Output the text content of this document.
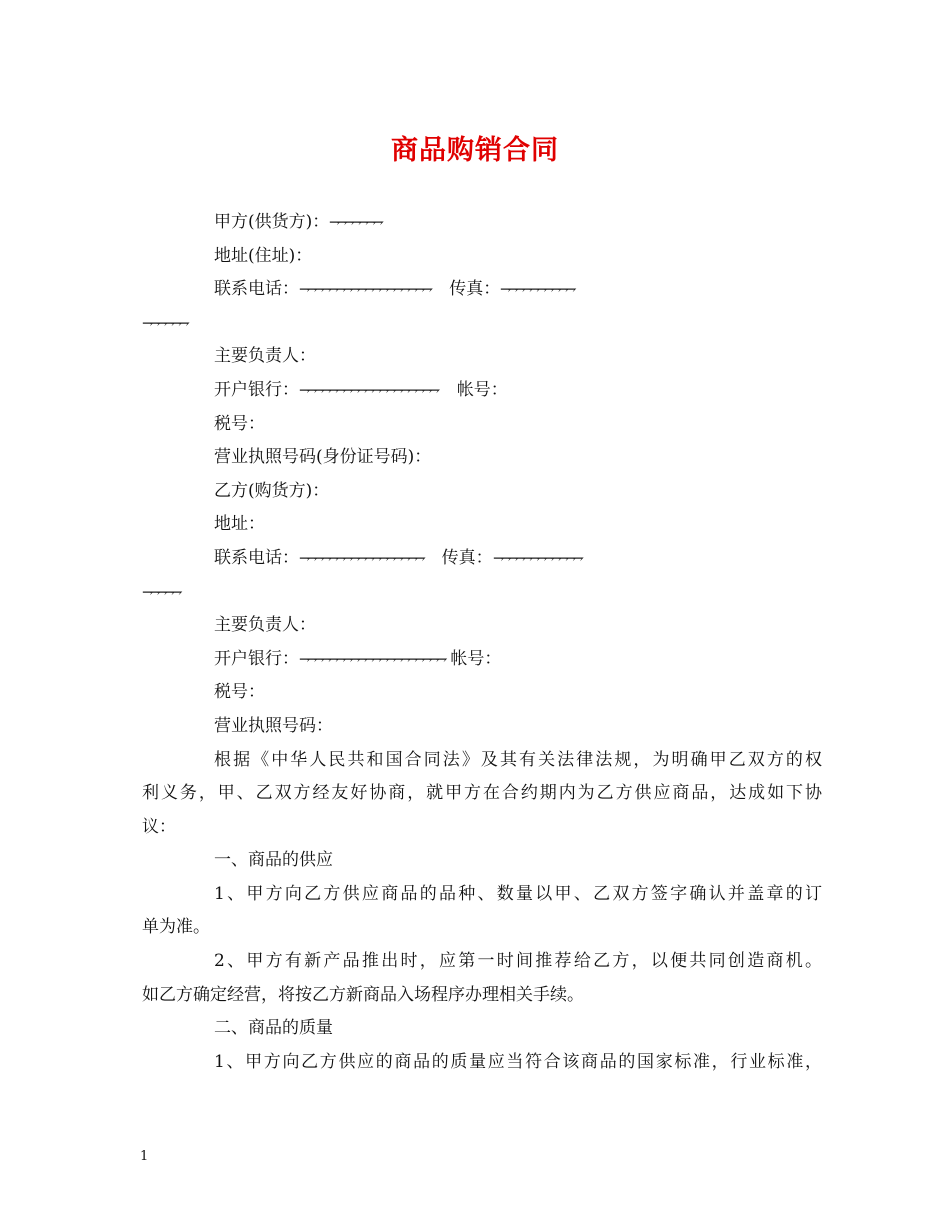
商品购销合同
甲方(供货方)：⇁⇁⇁⇁⇁⇁⇁
地址(住址)：
联系电话：⇁⇁⇁⇁⇁⇁⇁⇁⇁⇁⇁⇁⇁⇁⇁⇁⇁⇁ 传真：⇁⇁⇁⇁⇁⇁⇁⇁⇁⇁
⇁⇁⇁⇁⇁⇁
主要负责人：
开户银行：⇁⇁⇁⇁⇁⇁⇁⇁⇁⇁⇁⇁⇁⇁⇁⇁⇁⇁⇁ 帐号：
税号：
营业执照号码(身份证号码)：
乙方(购货方)：
地址：
联系电话：⇁⇁⇁⇁⇁⇁⇁⇁⇁⇁⇁⇁⇁⇁⇁⇁⇁ 传真：⇁⇁⇁⇁⇁⇁⇁⇁⇁⇁⇁⇁
⇁⇁⇁⇁⇁
主要负责人：
开户银行：⇁⇁⇁⇁⇁⇁⇁⇁⇁⇁⇁⇁⇁⇁⇁⇁⇁⇁⇁⇁ 帐号：
税号：
营业执照号码：
根据《中华人民共和国合同法》及其有关法律法规，为明确甲乙双方的权
利义务，甲、乙双方经友好协商，就甲方在合约期内为乙方供应商品，达成如下协
议：
一、商品的供应
1、甲方向乙方供应商品的品种、数量以甲、乙双方签字确认并盖章的订
单为准。
2、甲方有新产品推出时，应第一时间推荐给乙方，以便共同创造商机。
如乙方确定经营，将按乙方新商品入场程序办理相关手续。
二、商品的质量
1、甲方向乙方供应的商品的质量应当符合该商品的国家标准，行业标准，
1
